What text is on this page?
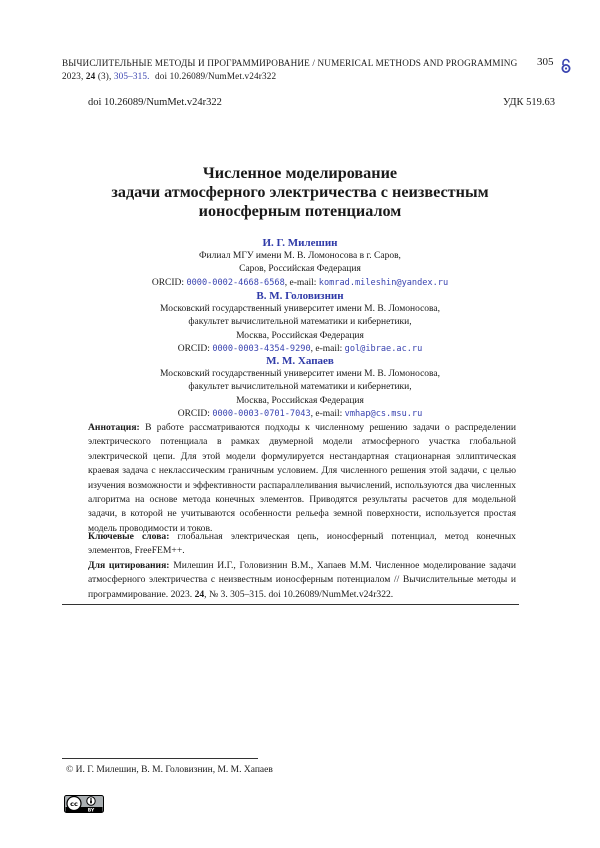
ВЫЧИСЛИТЕЛЬНЫЕ МЕТОДЫ И ПРОГРАММИРОВАНИЕ / NUMERICAL METHODS AND PROGRAMMING 305
2023, 24 (3), 305–315. doi 10.26089/NumMet.v24r322
doi 10.26089/NumMet.v24r322	УДК 519.63
Численное моделирование
задачи атмосферного электричества с неизвестным
ионосферным потенциалом
И. Г. Милешин
Филиал МГУ имени М. В. Ломоносова в г. Саров,
Саров, Российская Федерация
ORCID: 0000-0002-4668-6568, e-mail: komrad.mileshin@yandex.ru
В. М. Головизнин
Московский государственный университет имени М. В. Ломоносова,
факультет вычислительной математики и кибернетики,
Москва, Российская Федерация
ORCID: 0000-0003-4354-9290, e-mail: gol@ibrae.ac.ru
М. М. Хапаев
Московский государственный университет имени М. В. Ломоносова,
факультет вычислительной математики и кибернетики,
Москва, Российская Федерация
ORCID: 0000-0003-0701-7043, e-mail: vmhap@cs.msu.ru
Аннотация: В работе рассматриваются подходы к численному решению задачи о распределении электрического потенциала в рамках двумерной модели атмосферного участка глобальной электрической цепи. Для этой модели формулируется нестандартная стационарная эллиптическая краевая задача с неклассическим граничным условием. Для численного решения этой задачи, с целью изучения возможности и эффективности распараллеливания вычислений, используются два численных алгоритма на основе метода конечных элементов. Приводятся результаты расчетов для модельной задачи, в которой не учитываются особенности рельефа земной поверхности, используется простая модель проводимости и токов.
Ключевые слова: глобальная электрическая цепь, ионосферный потенциал, метод конечных элементов, FreeFEM++.
Для цитирования: Милешин И.Г., Головизнин В.М., Хапаев М.М. Численное моделирование задачи атмосферного электричества с неизвестным ионосферным потенциалом // Вычислительные методы и программирование. 2023. 24, № 3. 305–315. doi 10.26089/NumMet.v24r322.
© И. Г. Милешин, В. М. Головизнин, М. М. Хапаев
cc
BY
